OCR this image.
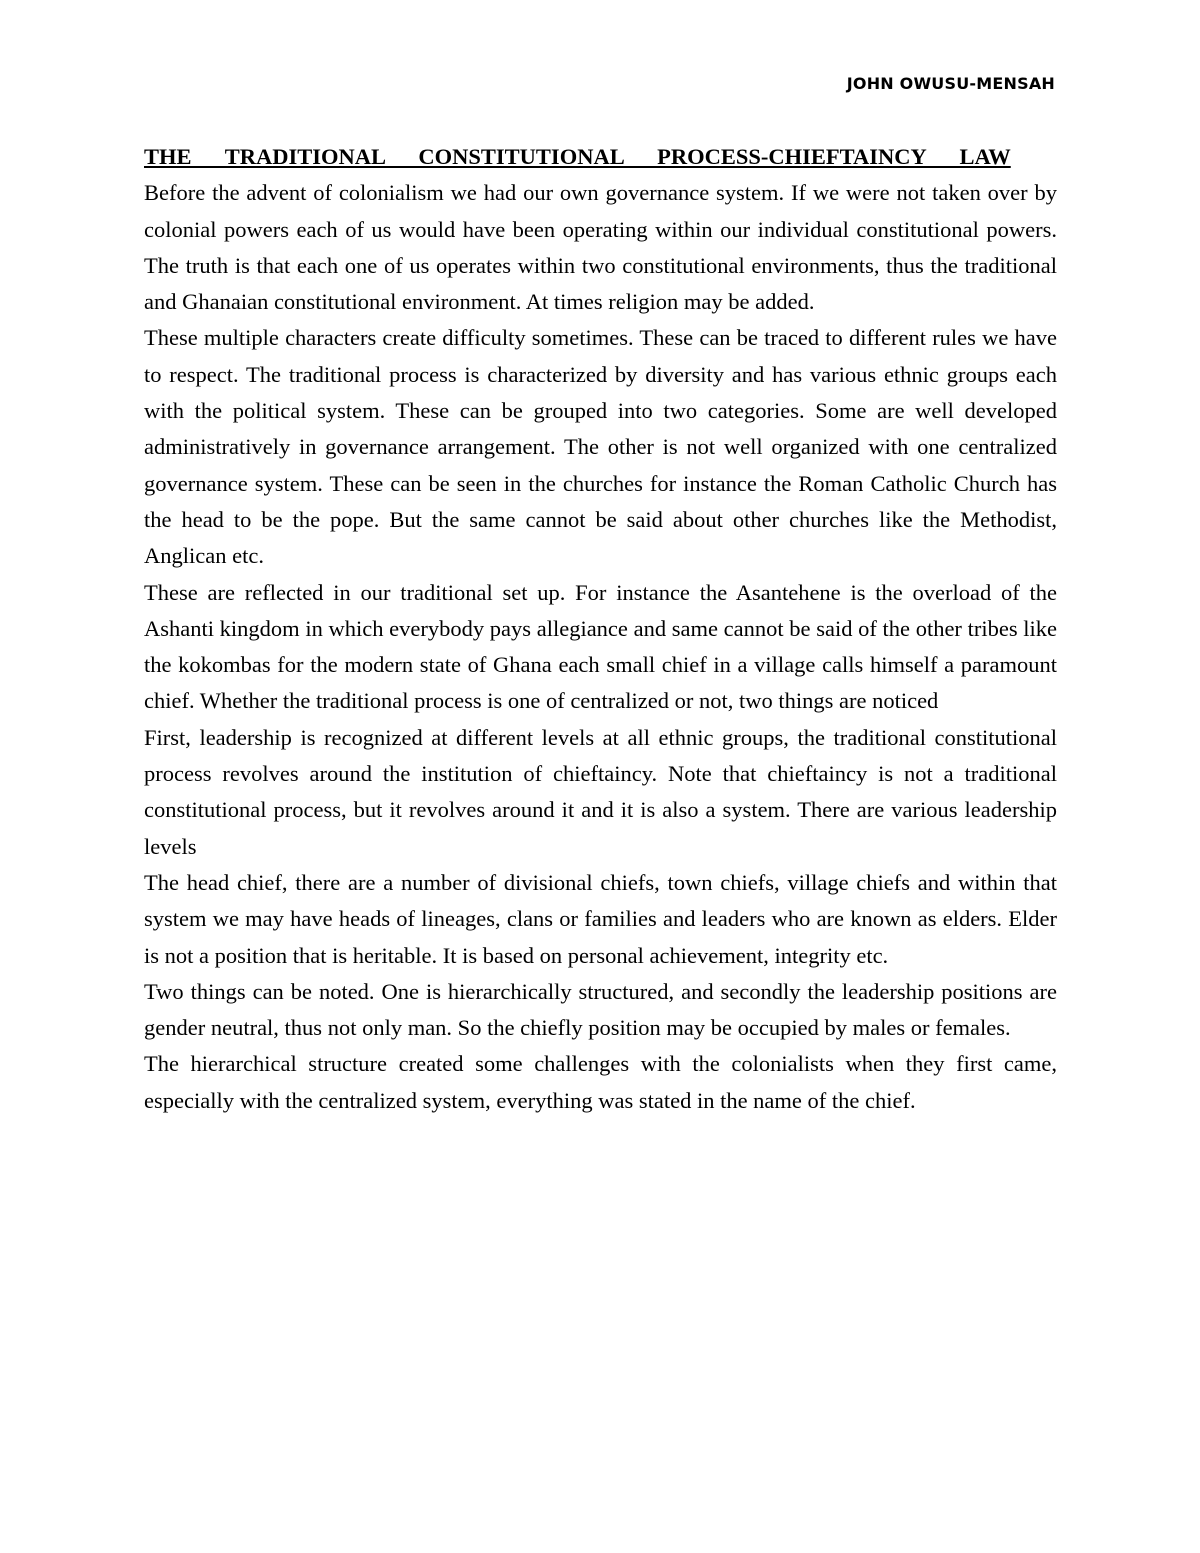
JOHN OWUSU-MENSAH
THE TRADITIONAL CONSTITUTIONAL PROCESS-CHIEFTAINCY LAW

Before the advent of colonialism we had our own governance system. If we were not taken over by colonial powers each of us would have been operating within our individual constitutional powers. The truth is that each one of us operates within two constitutional environments, thus the traditional and Ghanaian constitutional environment. At times religion may be added.

These multiple characters create difficulty sometimes. These can be traced to different rules we have to respect. The traditional process is characterized by diversity and has various ethnic groups each with the political system. These can be grouped into two categories. Some are well developed administratively in governance arrangement. The other is not well organized with one centralized governance system. These can be seen in the churches for instance the Roman Catholic Church has the head to be the pope. But the same cannot be said about other churches like the Methodist, Anglican etc.

These are reflected in our traditional set up. For instance the Asantehene is the overload of the Ashanti kingdom in which everybody pays allegiance and same cannot be said of the other tribes like the kokombas for the modern state of Ghana each small chief in a village calls himself a paramount chief. Whether the traditional process is one of centralized or not, two things are noticed

First, leadership is recognized at different levels at all ethnic groups, the traditional constitutional process revolves around the institution of chieftaincy. Note that chieftaincy is not a traditional constitutional process, but it revolves around it and it is also a system. There are various leadership levels

The head chief, there are a number of divisional chiefs, town chiefs, village chiefs and within that system we may have heads of lineages, clans or families and leaders who are known as elders. Elder is not a position that is heritable. It is based on personal achievement, integrity etc.

Two things can be noted. One is hierarchically structured, and secondly the leadership positions are gender neutral, thus not only man. So the chiefly position may be occupied by males or females.

The hierarchical structure created some challenges with the colonialists when they first came, especially with the centralized system, everything was stated in the name of the chief.
